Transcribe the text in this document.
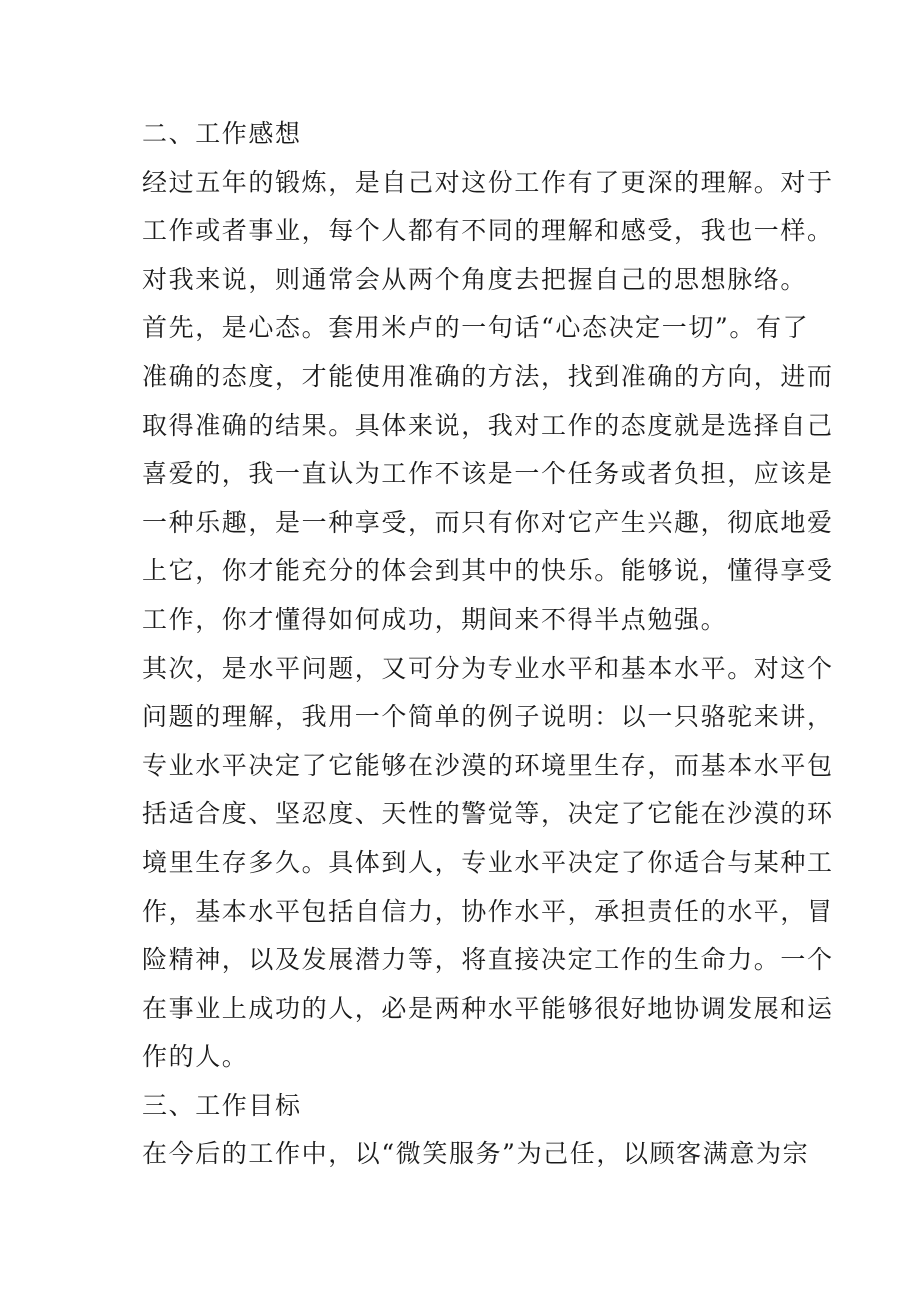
二、工作感想
经过五年的锻炼，是自己对这份工作有了更深的理解。对于
工作或者事业，每个人都有不同的理解和感受，我也一样。
对我来说，则通常会从两个角度去把握自己的思想脉络。
首先，是心态。套用米卢的一句话“心态决定一切”。有了
准确的态度，才能使用准确的方法，找到准确的方向，进而
取得准确的结果。具体来说，我对工作的态度就是选择自己
喜爱的，我一直认为工作不该是一个任务或者负担，应该是
一种乐趣，是一种享受，而只有你对它产生兴趣，彻底地爱
上它，你才能充分的体会到其中的快乐。能够说，懂得享受
工作，你才懂得如何成功，期间来不得半点勉强。
其次，是水平问题，又可分为专业水平和基本水平。对这个
问题的理解，我用一个简单的例子说明：以一只骆驼来讲，
专业水平决定了它能够在沙漠的环境里生存，而基本水平包
括适合度、坚忍度、天性的警觉等，决定了它能在沙漠的环
境里生存多久。具体到人，专业水平决定了你适合与某种工
作，基本水平包括自信力，协作水平，承担责任的水平，冒
险精神，以及发展潜力等，将直接决定工作的生命力。一个
在事业上成功的人，必是两种水平能够很好地协调发展和运
作的人。
三、工作目标
在今后的工作中，以“微笑服务”为己任，以顾客满意为宗
